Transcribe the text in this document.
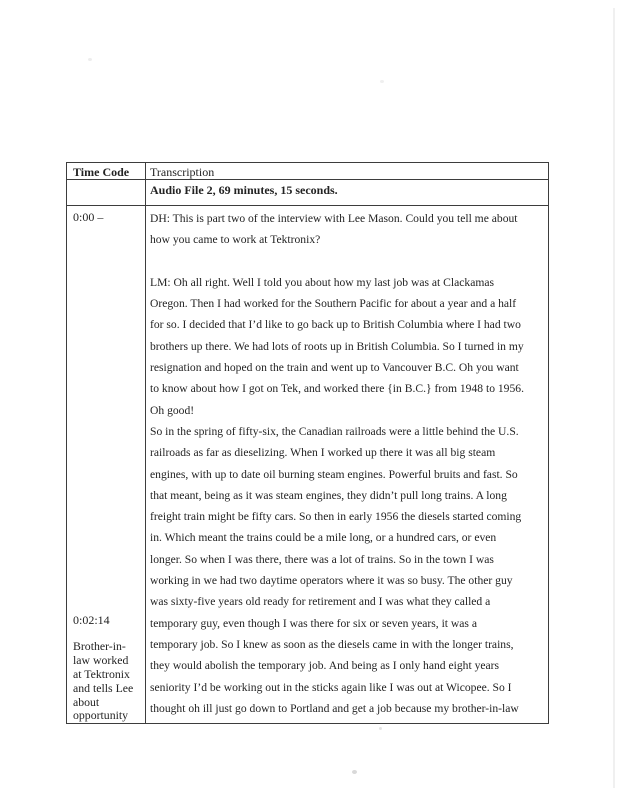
Time Code	Transcription
Audio File 2, 69 minutes, 15 seconds.
0:00 –
0:02:14
Brother-in-
law worked
at Tektronix
and tells Lee
about
opportunity
DH: This is part two of the interview with Lee Mason. Could you tell me about
how you came to work at Tektronix?

LM: Oh all right. Well I told you about how my last job was at Clackamas
Oregon. Then I had worked for the Southern Pacific for about a year and a half
for so. I decided that I’d like to go back up to British Columbia where I had two
brothers up there. We had lots of roots up in British Columbia. So I turned in my
resignation and hoped on the train and went up to Vancouver B.C. Oh you want
to know about how I got on Tek, and worked there {in B.C.} from 1948 to 1956.
Oh good!
So in the spring of fifty-six, the Canadian railroads were a little behind the U.S.
railroads as far as dieselizing. When I worked up there it was all big steam
engines, with up to date oil burning steam engines. Powerful bruits and fast. So
that meant, being as it was steam engines, they didn’t pull long trains. A long
freight train might be fifty cars. So then in early 1956 the diesels started coming
in. Which meant the trains could be a mile long, or a hundred cars, or even
longer. So when I was there, there was a lot of trains. So in the town I was
working in we had two daytime operators where it was so busy. The other guy
was sixty-five years old ready for retirement and I was what they called a
temporary guy, even though I was there for six or seven years, it was a
temporary job. So I knew as soon as the diesels came in with the longer trains,
they would abolish the temporary job. And being as I only hand eight years
seniority I’d be working out in the sticks again like I was out at Wicopee. So I
thought oh ill just go down to Portland and get a job because my brother-in-law
